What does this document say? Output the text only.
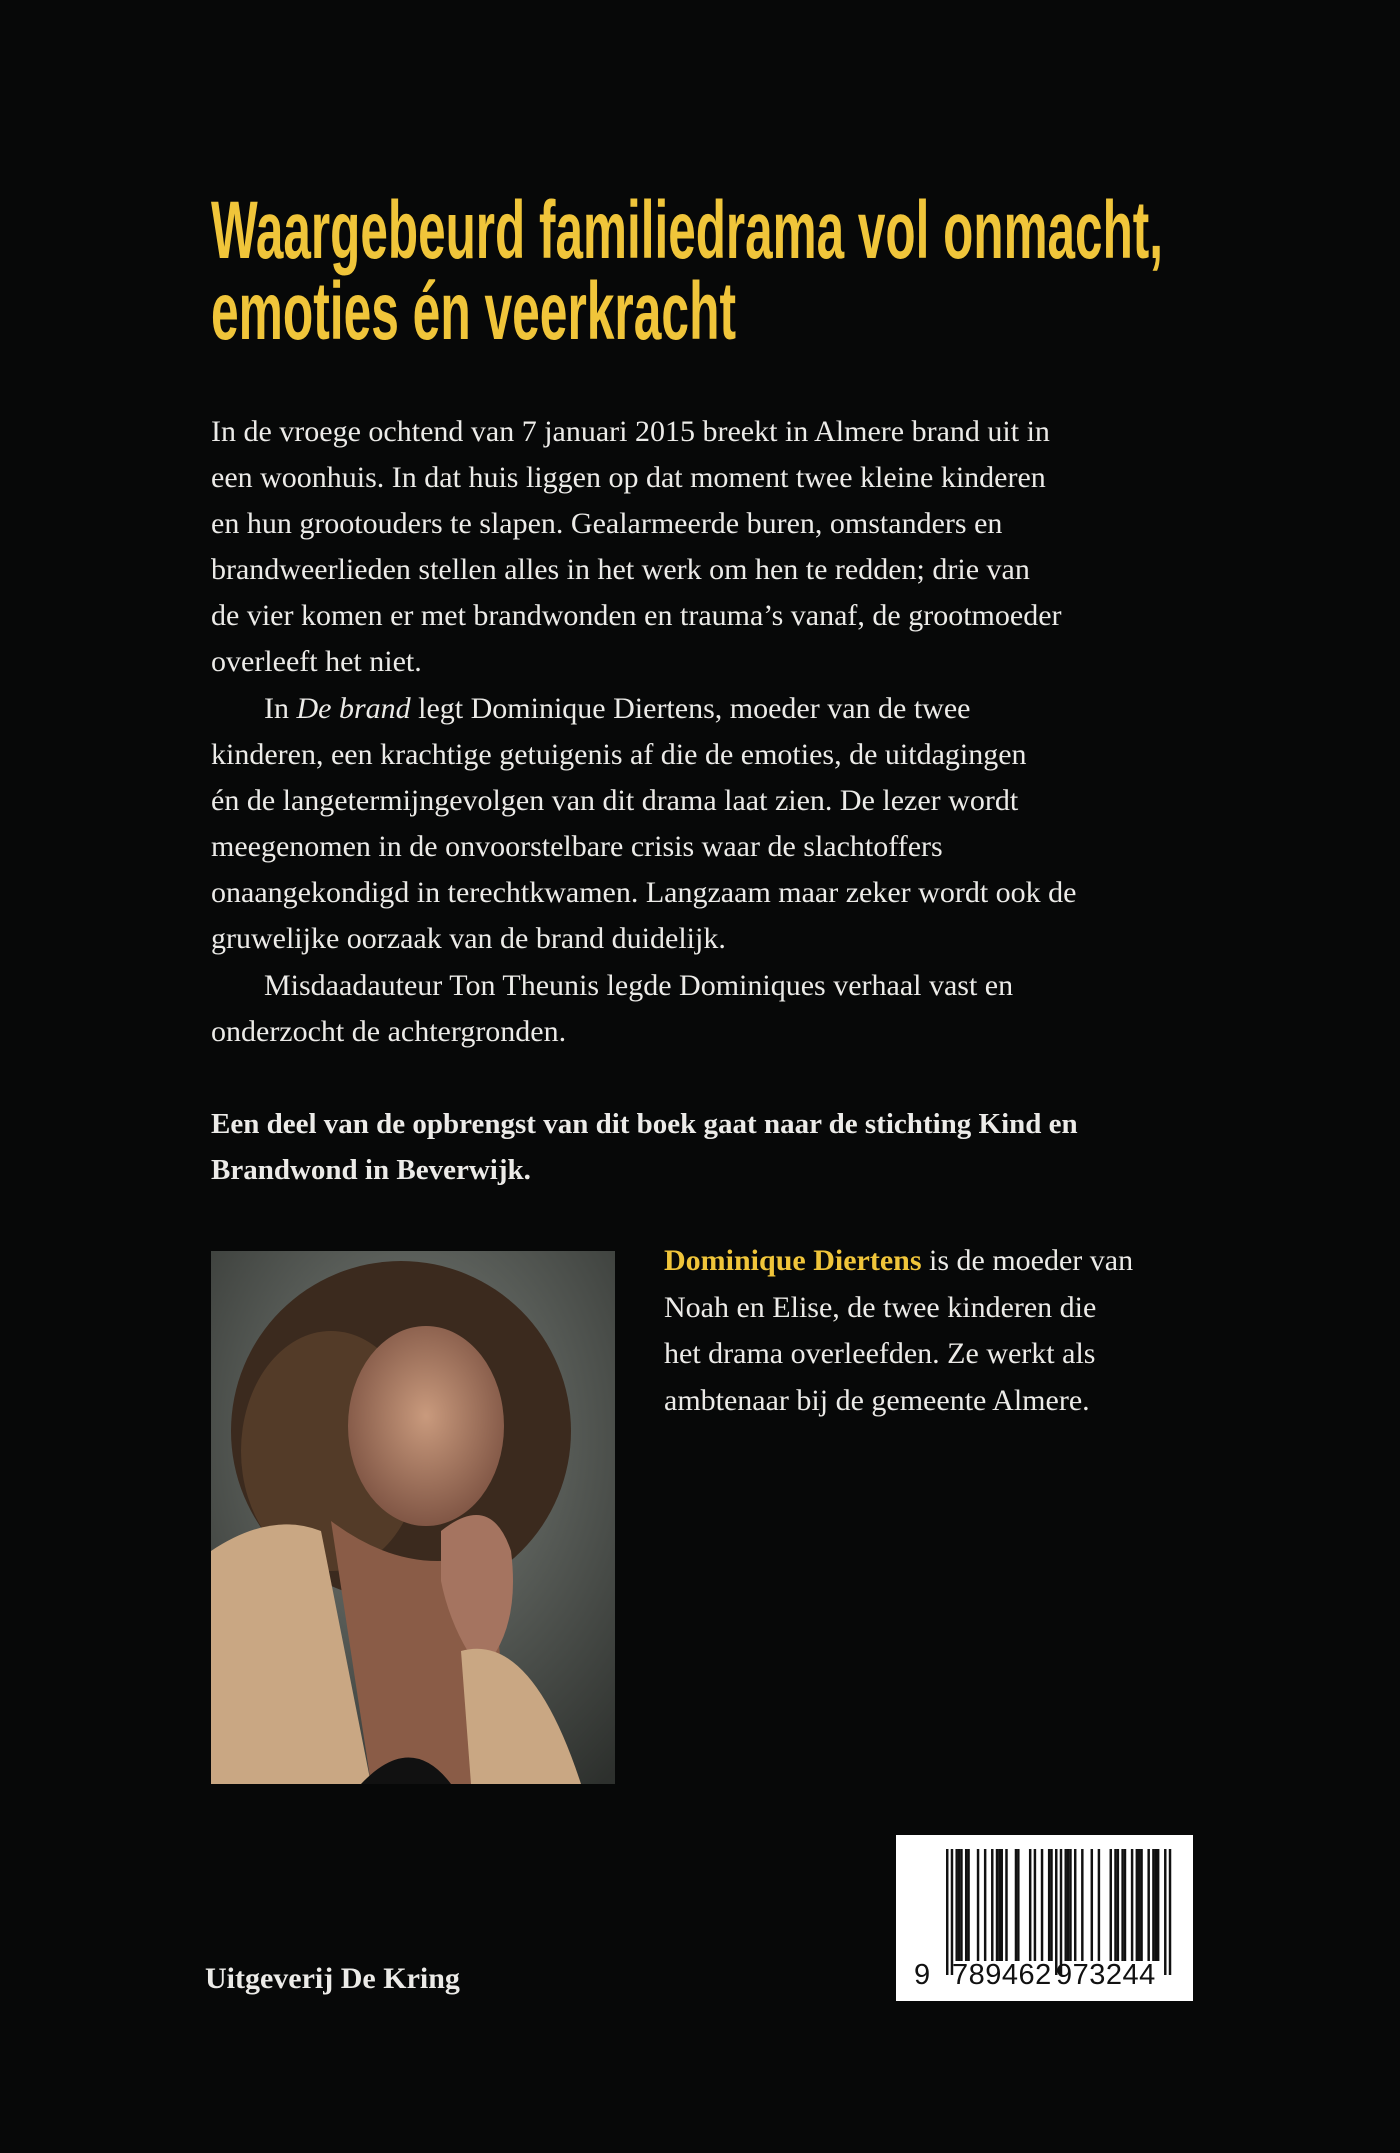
Waargebeurd familiedrama vol onmacht,
emoties én veerkracht
In de vroege ochtend van 7 januari 2015 breekt in Almere brand uit in
een woonhuis. In dat huis liggen op dat moment twee kleine kinderen
en hun grootouders te slapen. Gealarmeerde buren, omstanders en
brandweerlieden stellen alles in het werk om hen te redden; drie van
de vier komen er met brandwonden en trauma’s vanaf, de grootmoeder
overleeft het niet.
In De brand legt Dominique Diertens, moeder van de twee
kinderen, een krachtige getuigenis af die de emoties, de uitdagingen
én de langetermijngevolgen van dit drama laat zien. De lezer wordt
meegenomen in de onvoorstelbare crisis waar de slachtoffers
onaangekondigd in terechtkwamen. Langzaam maar zeker wordt ook de
gruwelijke oorzaak van de brand duidelijk.
Misdaadauteur Ton Theunis legde Dominiques verhaal vast en
onderzocht de achtergronden.
Een deel van de opbrengst van dit boek gaat naar de stichting Kind en
Brandwond in Beverwijk.
Dominique Diertens is de moeder van
Noah en Elise, de twee kinderen die
het drama overleefden. Ze werkt als
ambtenaar bij de gemeente Almere.
9 789462 973244
Uitgeverij De Kring
